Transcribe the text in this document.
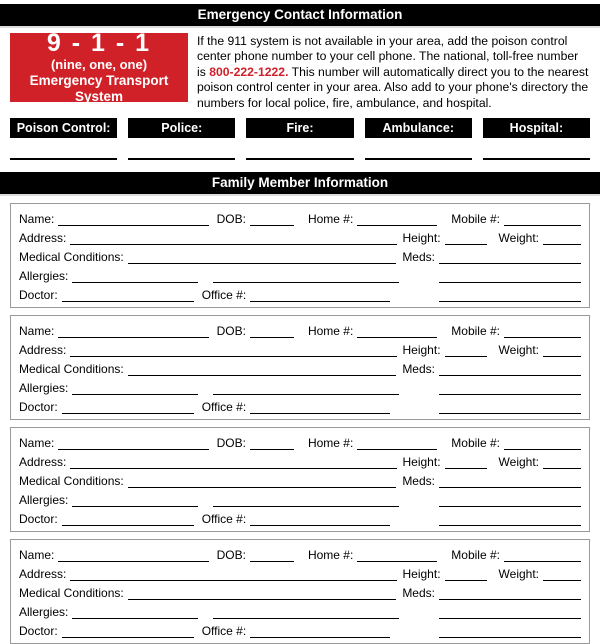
Emergency Contact Information
9 - 1 - 1
(nine, one, one)
Emergency Transport System

If the 911 system is not available in your area, add the poison control center phone number to your cell phone. The national, toll-free number is 800-222-1222. This number will automatically direct you to the nearest poison control center in your area. Also add to your phone's directory the numbers for local police, fire, ambulance, and hospital.

Poison Control:	Police:	Fire:	Ambulance:	Hospital:
Family Member Information
Name:	DOB:	Home #:	Mobile #:
Address:	Height:	Weight:
Medical Conditions:	Meds:
Allergies:
Doctor:	Office #:
Name:	DOB:	Home #:	Mobile #:
Address:	Height:	Weight:
Medical Conditions:	Meds:
Allergies:
Doctor:	Office #:
Name:	DOB:	Home #:	Mobile #:
Address:	Height:	Weight:
Medical Conditions:	Meds:
Allergies:
Doctor:	Office #:
Name:	DOB:	Home #:	Mobile #:
Address:	Height:	Weight:
Medical Conditions:	Meds:
Allergies:
Doctor:	Office #:
